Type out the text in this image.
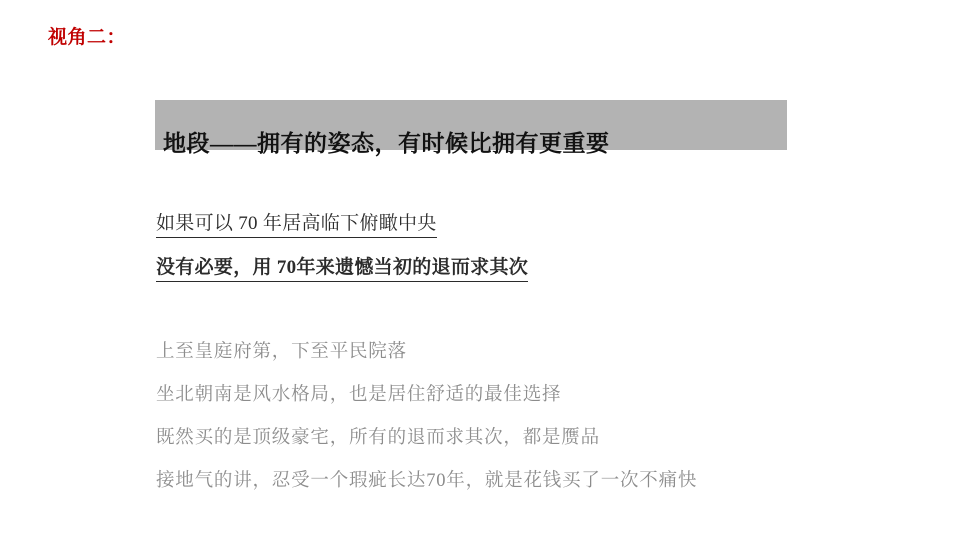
视角二：
地段——拥有的姿态，有时候比拥有更重要
如果可以 70 年居高临下俯瞰中央
没有必要，用 70年来遗憾当初的退而求其次
上至皇庭府第，下至平民院落
坐北朝南是风水格局，也是居住舒适的最佳选择
既然买的是顶级豪宅，所有的退而求其次，都是赝品
接地气的讲，忍受一个瑕疵长达70年，就是花钱买了一次不痛快
